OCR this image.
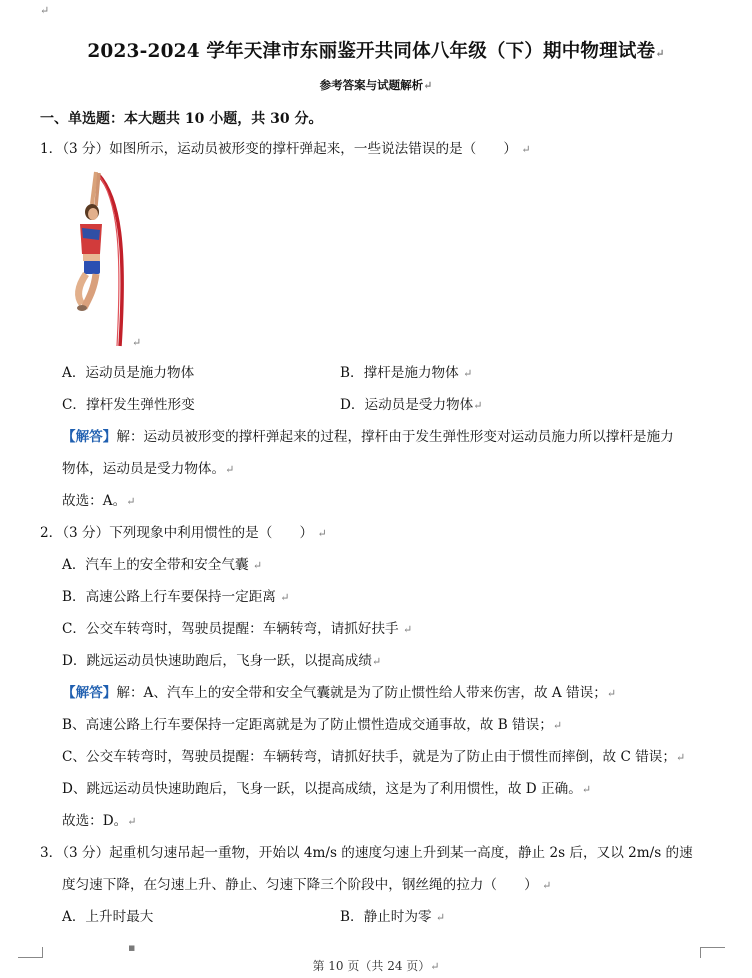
↵
2023-2024 学年天津市东丽鉴开共同体八年级（下）期中物理试卷↵
参考答案与试题解析↵
一、单选题：本大题共 10 小题，共 30 分。
1．（3 分）如图所示，运动员被形变的撑杆弹起来，一些说法错误的是（　　） ↵
↵
A．运动员是施力物体	B．撑杆是施力物体 ↵
C．撑杆发生弹性形变	D．运动员是受力物体↵
【解答】解：运动员被形变的撑杆弹起来的过程，撑杆由于发生弹性形变对运动员施力所以撑杆是施力
物体，运动员是受力物体。↵
故选：A。↵
2．（3 分）下列现象中利用惯性的是（　　） ↵
A．汽车上的安全带和安全气囊 ↵
B．高速公路上行车要保持一定距离 ↵
C．公交车转弯时，驾驶员提醒：车辆转弯，请抓好扶手 ↵
D．跳远运动员快速助跑后，飞身一跃，以提高成绩↵
【解答】解：A、汽车上的安全带和安全气囊就是为了防止惯性给人带来伤害，故 A 错误；↵
B、高速公路上行车要保持一定距离就是为了防止惯性造成交通事故，故 B 错误；↵
C、公交车转弯时，驾驶员提醒：车辆转弯，请抓好扶手，就是为了防止由于惯性而摔倒，故 C 错误；↵
D、跳远运动员快速助跑后，飞身一跃，以提高成绩，这是为了利用惯性，故 D 正确。↵
故选：D。↵
3．（3 分）起重机匀速吊起一重物，开始以 4m/s 的速度匀速上升到某一高度，静止 2s 后，又以 2m/s 的速
度匀速下降，在匀速上升、静止、匀速下降三个阶段中，钢丝绳的拉力（　　） ↵
A．上升时最大	B．静止时为零 ↵
▪
第 10 页（共 24 页）↵
